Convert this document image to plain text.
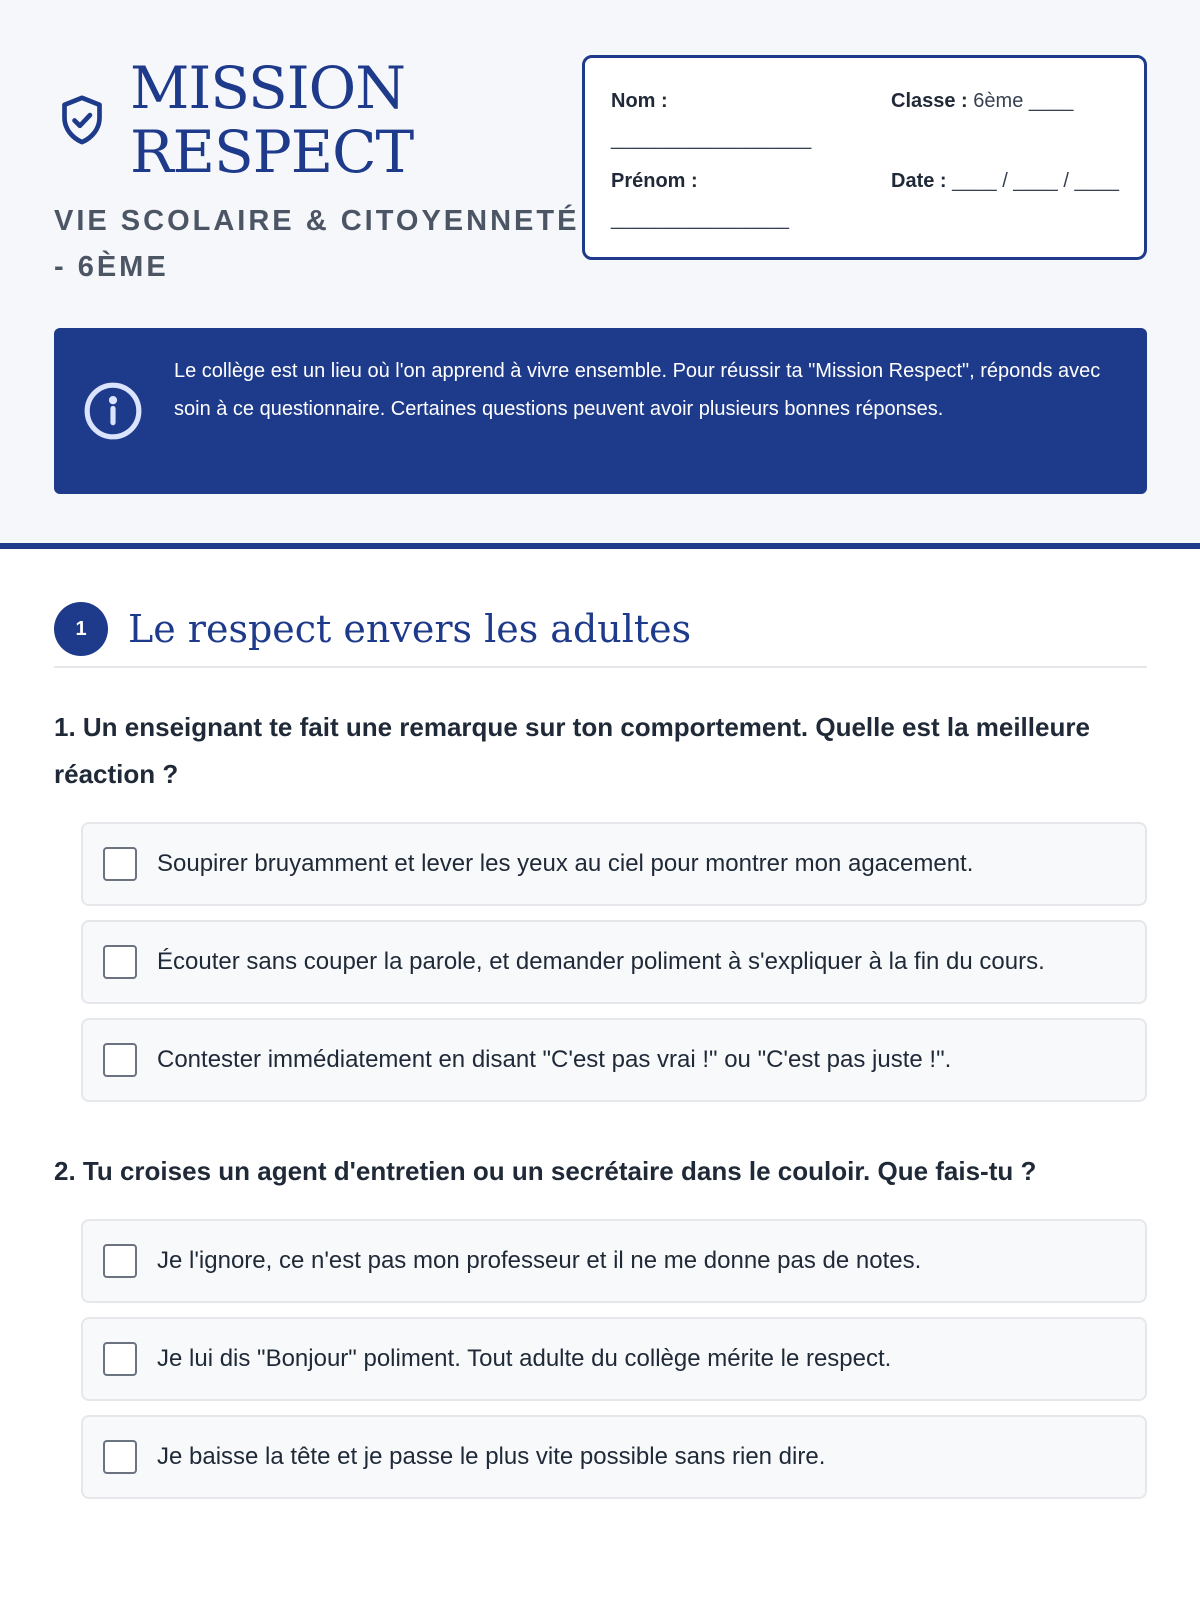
MISSION
RESPECT
VIE SCOLAIRE & CITOYENNETÉ - 6ÈME
Nom :
__________________
Classe : 6ème ____
Prénom :
________________
Date : ____ / ____ / ____
Le collège est un lieu où l'on apprend à vivre ensemble. Pour réussir ta "Mission Respect", réponds avec soin à ce questionnaire. Certaines questions peuvent avoir plusieurs bonnes réponses.
1	Le respect envers les adultes
1. Un enseignant te fait une remarque sur ton comportement. Quelle est la meilleure réaction ?
Soupirer bruyamment et lever les yeux au ciel pour montrer mon agacement.
Écouter sans couper la parole, et demander poliment à s'expliquer à la fin du cours.
Contester immédiatement en disant "C'est pas vrai !" ou "C'est pas juste !".
2. Tu croises un agent d'entretien ou un secrétaire dans le couloir. Que fais-tu ?
Je l'ignore, ce n'est pas mon professeur et il ne me donne pas de notes.
Je lui dis "Bonjour" poliment. Tout adulte du collège mérite le respect.
Je baisse la tête et je passe le plus vite possible sans rien dire.
